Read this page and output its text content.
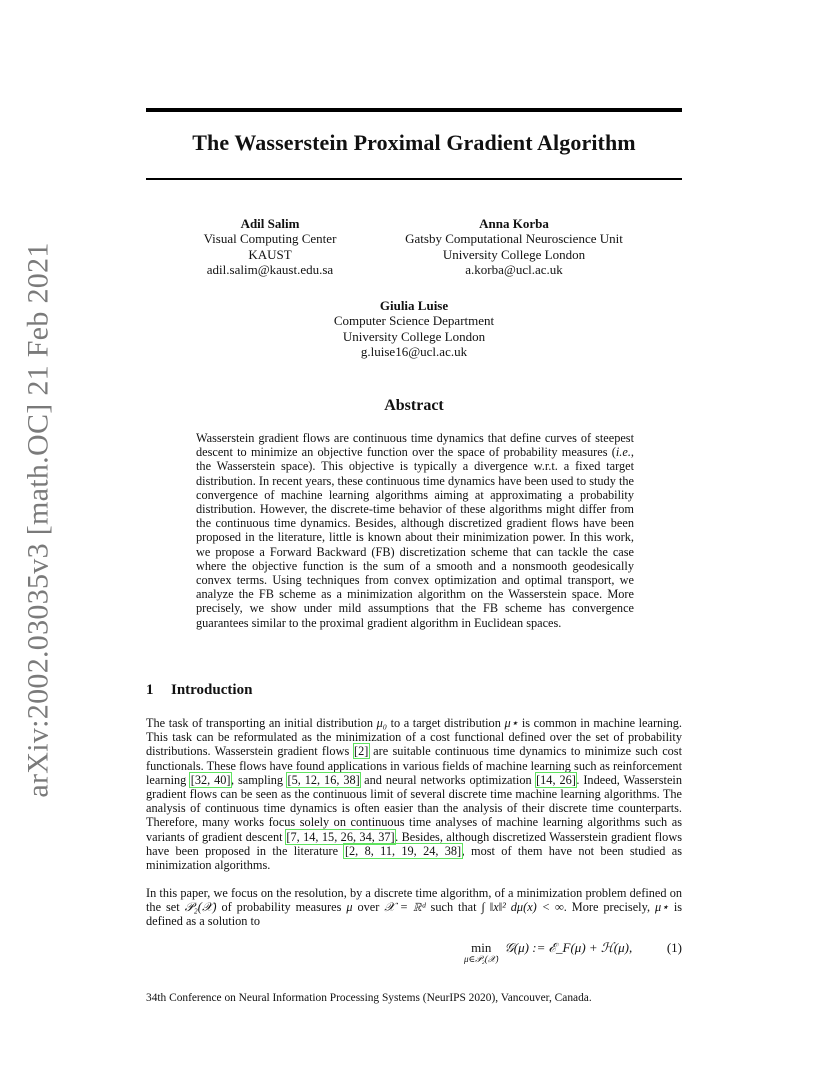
arXiv:2002.03035v3 [math.OC] 21 Feb 2021
The Wasserstein Proximal Gradient Algorithm
Adil Salim
Visual Computing Center
KAUST
adil.salim@kaust.edu.sa
Anna Korba
Gatsby Computational Neuroscience Unit
University College London
a.korba@ucl.ac.uk
Giulia Luise
Computer Science Department
University College London
g.luise16@ucl.ac.uk
Abstract
Wasserstein gradient flows are continuous time dynamics that define curves of steepest descent to minimize an objective function over the space of probability measures (i.e., the Wasserstein space). This objective is typically a divergence w.r.t. a fixed target distribution. In recent years, these continuous time dynamics have been used to study the convergence of machine learning algorithms aiming at approximating a probability distribution. However, the discrete-time behavior of these algorithms might differ from the continuous time dynamics. Besides, although discretized gradient flows have been proposed in the literature, little is known about their minimization power. In this work, we propose a Forward Backward (FB) discretization scheme that can tackle the case where the objective function is the sum of a smooth and a nonsmooth geodesically convex terms. Using techniques from convex optimization and optimal transport, we analyze the FB scheme as a minimization algorithm on the Wasserstein space. More precisely, we show under mild assumptions that the FB scheme has convergence guarantees similar to the proximal gradient algorithm in Euclidean spaces.
1 Introduction

The task of transporting an initial distribution μ₀ to a target distribution μ⋆ is common in machine learning. This task can be reformulated as the minimization of a cost functional defined over the set of probability distributions. Wasserstein gradient flows [2] are suitable continuous time dynamics to minimize such cost functionals. These flows have found applications in various fields of machine learning such as reinforcement learning [32, 40], sampling [5, 12, 16, 38] and neural networks optimization [14, 26]. Indeed, Wasserstein gradient flows can be seen as the continuous limit of several discrete time machine learning algorithms. The analysis of continuous time dynamics is often easier than the analysis of their discrete time counterparts. Therefore, many works focus solely on continuous time analyses of machine learning algorithms such as variants of gradient descent [7, 14, 15, 26, 34, 37]. Besides, although discretized Wasserstein gradient flows have been proposed in the literature [2, 8, 11, 19, 24, 38], most of them have not been studied as minimization algorithms.

In this paper, we focus on the resolution, by a discrete time algorithm, of a minimization problem defined on the set 𝒫₂(𝒳) of probability measures μ over 𝒳 = ℝᵈ such that ∫ ‖x‖² dμ(x) < ∞. More precisely, μ⋆ is defined as a solution to

min
μ∈𝒫₂(𝒳)
𝒢(μ) := ℰ_F(μ) + ℋ(μ),	(1)
34th Conference on Neural Information Processing Systems (NeurIPS 2020), Vancouver, Canada.
